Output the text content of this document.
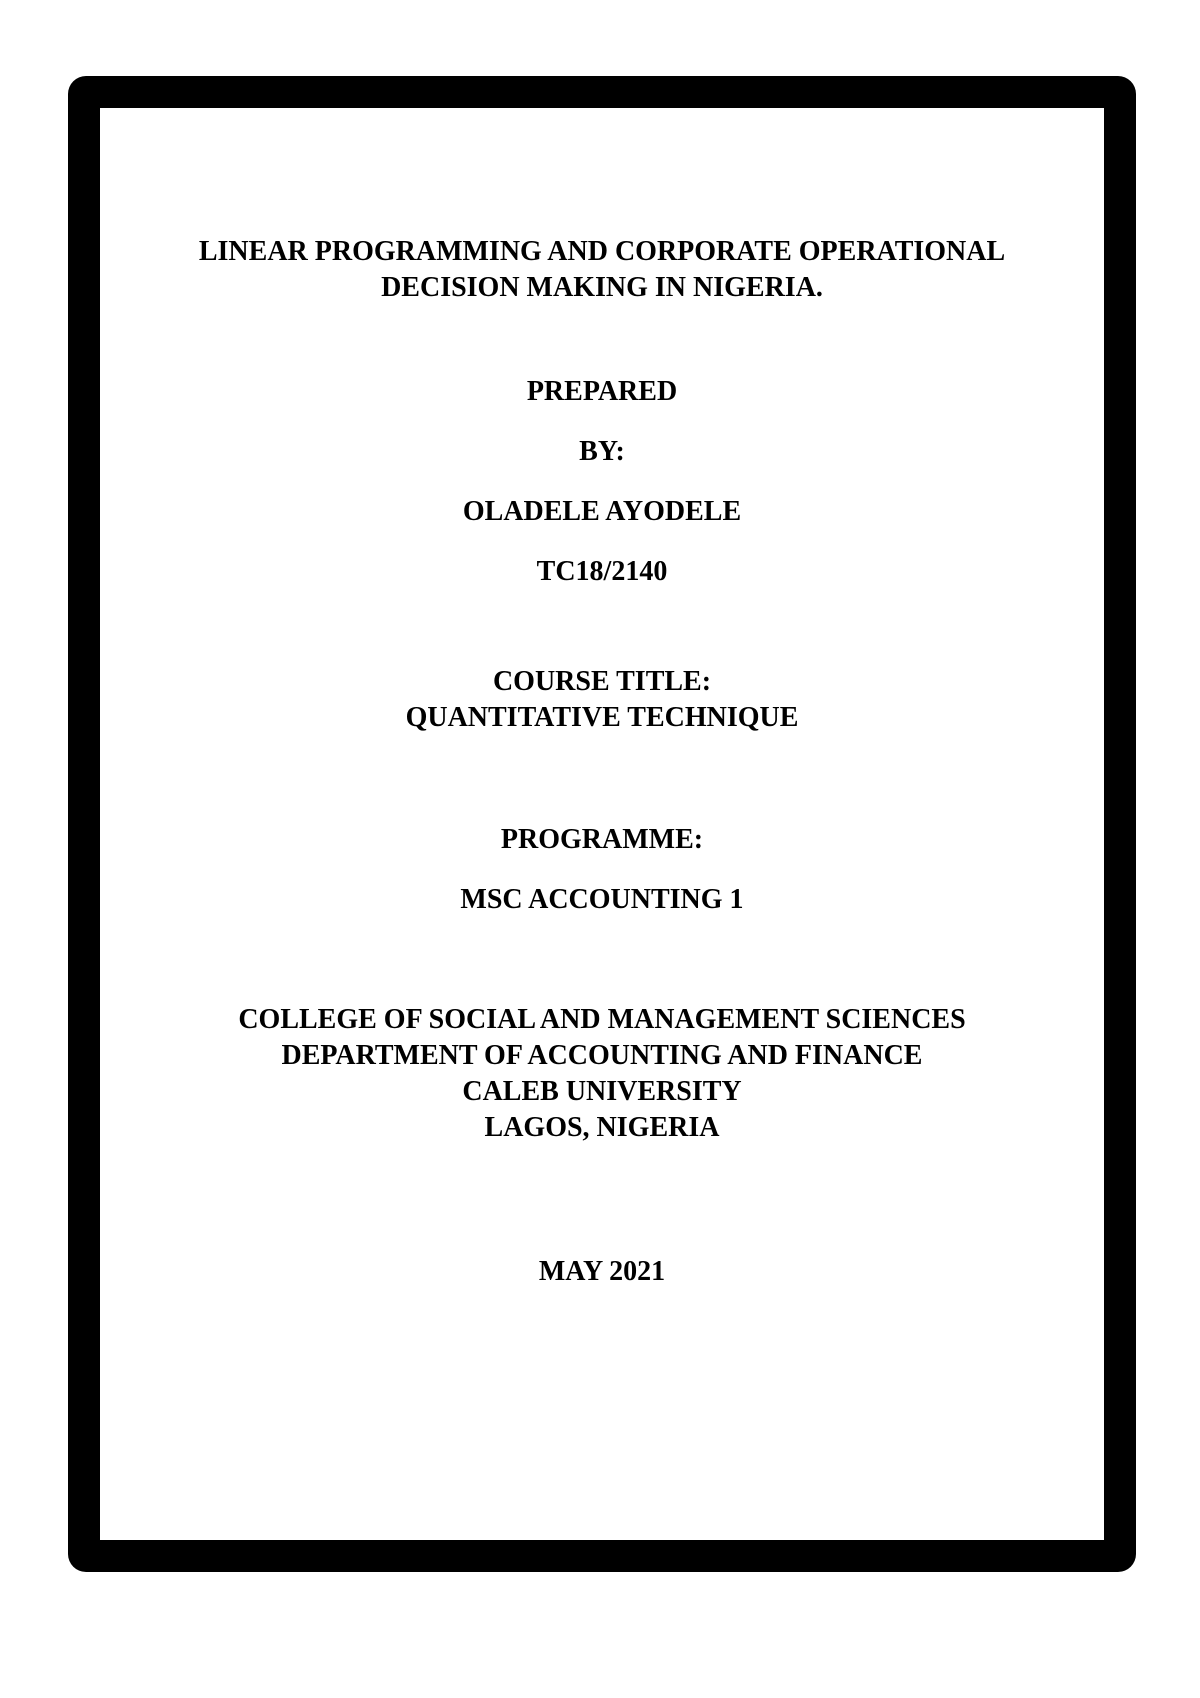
LINEAR PROGRAMMING AND CORPORATE OPERATIONAL
DECISION MAKING IN NIGERIA.
PREPARED
BY:
OLADELE AYODELE
TC18/2140
COURSE TITLE:
QUANTITATIVE TECHNIQUE
PROGRAMME:
MSC ACCOUNTING 1
COLLEGE OF SOCIAL AND MANAGEMENT SCIENCES
DEPARTMENT OF ACCOUNTING AND FINANCE
CALEB UNIVERSITY
LAGOS, NIGERIA
MAY 2021
